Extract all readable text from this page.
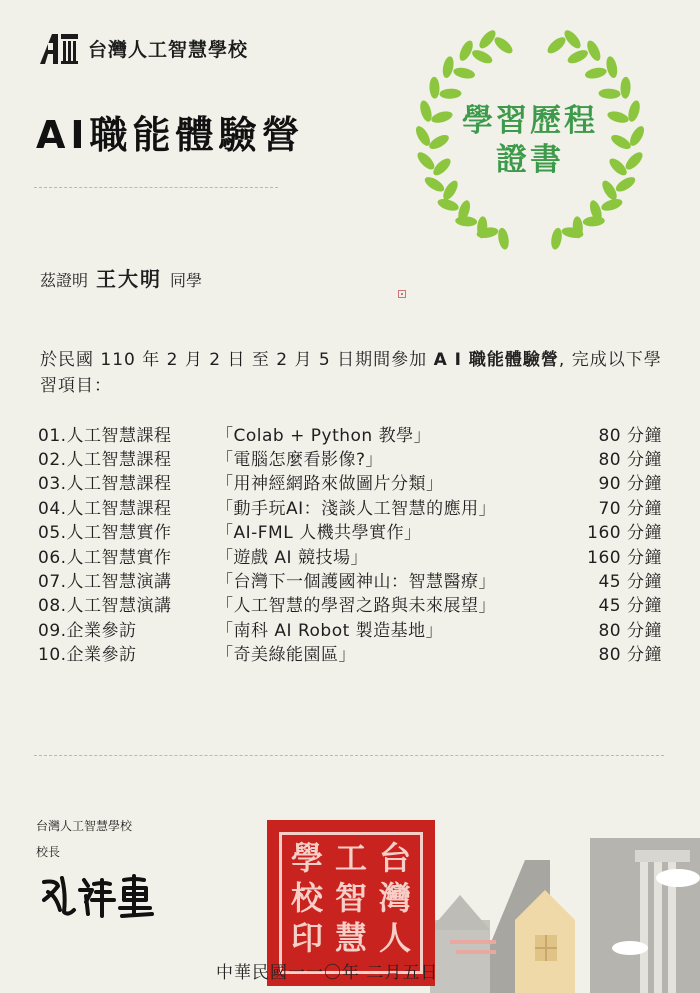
台灣人工智慧學校
AI職能體驗營	學習歷程
證書
茲證明 王大明 同學
於民國 110 年 2 月 2 日 至 2 月 5 日期間參加 A I 職能體驗營, 完成以下學習項目：
01.人工智慧課程	「Colab + Python 教學」	80 分鐘
02.人工智慧課程	「電腦怎麼看影像?」	80 分鐘
03.人工智慧課程	「用神經網路來做圖片分類」	90 分鐘
04.人工智慧課程	「動手玩AI：淺談人工智慧的應用」	70 分鐘
05.人工智慧實作	「AI-FML 人機共學實作」	160 分鐘
06.人工智慧實作	「遊戲 AI 競技場」	160 分鐘
07.人工智慧演講	「台灣下一個護國神山：智慧醫療」	45 分鐘
08.人工智慧演講	「人工智慧的學習之路與未來展望」	45 分鐘
09.企業參訪	「南科 AI Robot 製造基地」	80 分鐘
10.企業參訪	「奇美綠能園區」	80 分鐘
台灣人工智慧學校
校長	台
灣
人
工
智
慧
學
校
印
中華民國一一〇年 二月五日
